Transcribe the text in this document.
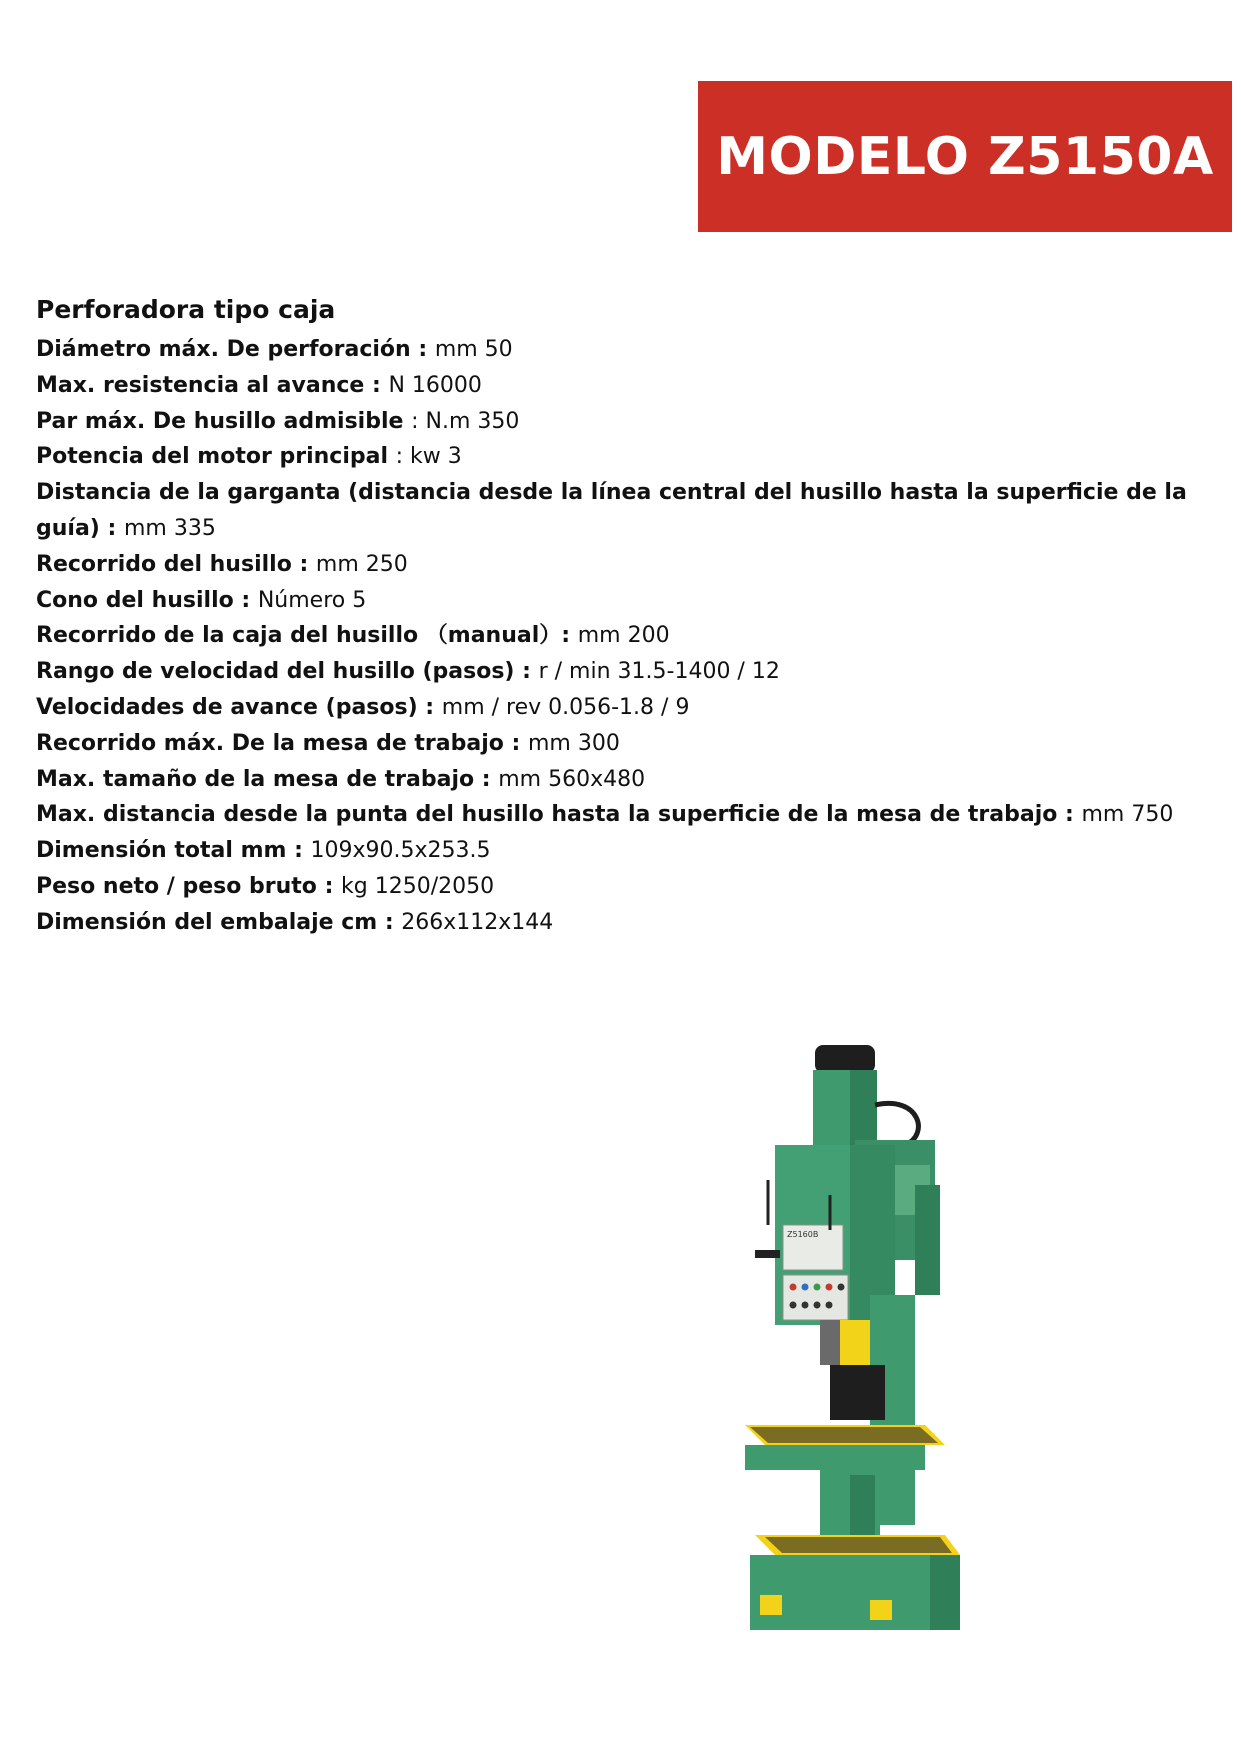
MODELO Z5150A
Perforadora tipo caja
Diámetro máx. De perforación : mm 50
Max. resistencia al avance : N 16000
Par máx. De husillo admisible : N.m 350
Potencia del motor principal : kw 3
Distancia de la garganta (distancia desde la línea central del husillo hasta la superficie de la guía) : mm 335
Recorrido del husillo : mm 250
Cono del husillo : Número 5
Recorrido de la caja del husillo （manual）: mm 200
Rango de velocidad del husillo (pasos) : r / min 31.5-1400 / 12
Velocidades de avance (pasos) : mm / rev 0.056-1.8 / 9
Recorrido máx. De la mesa de trabajo : mm 300
Max. tamaño de la mesa de trabajo : mm 560x480
Max. distancia desde la punta del husillo hasta la superficie de la mesa de trabajo : mm 750
Dimensión total mm : 109x90.5x253.5
Peso neto / peso bruto : kg 1250/2050
Dimensión del embalaje cm : 266x112x144
Z5160B
